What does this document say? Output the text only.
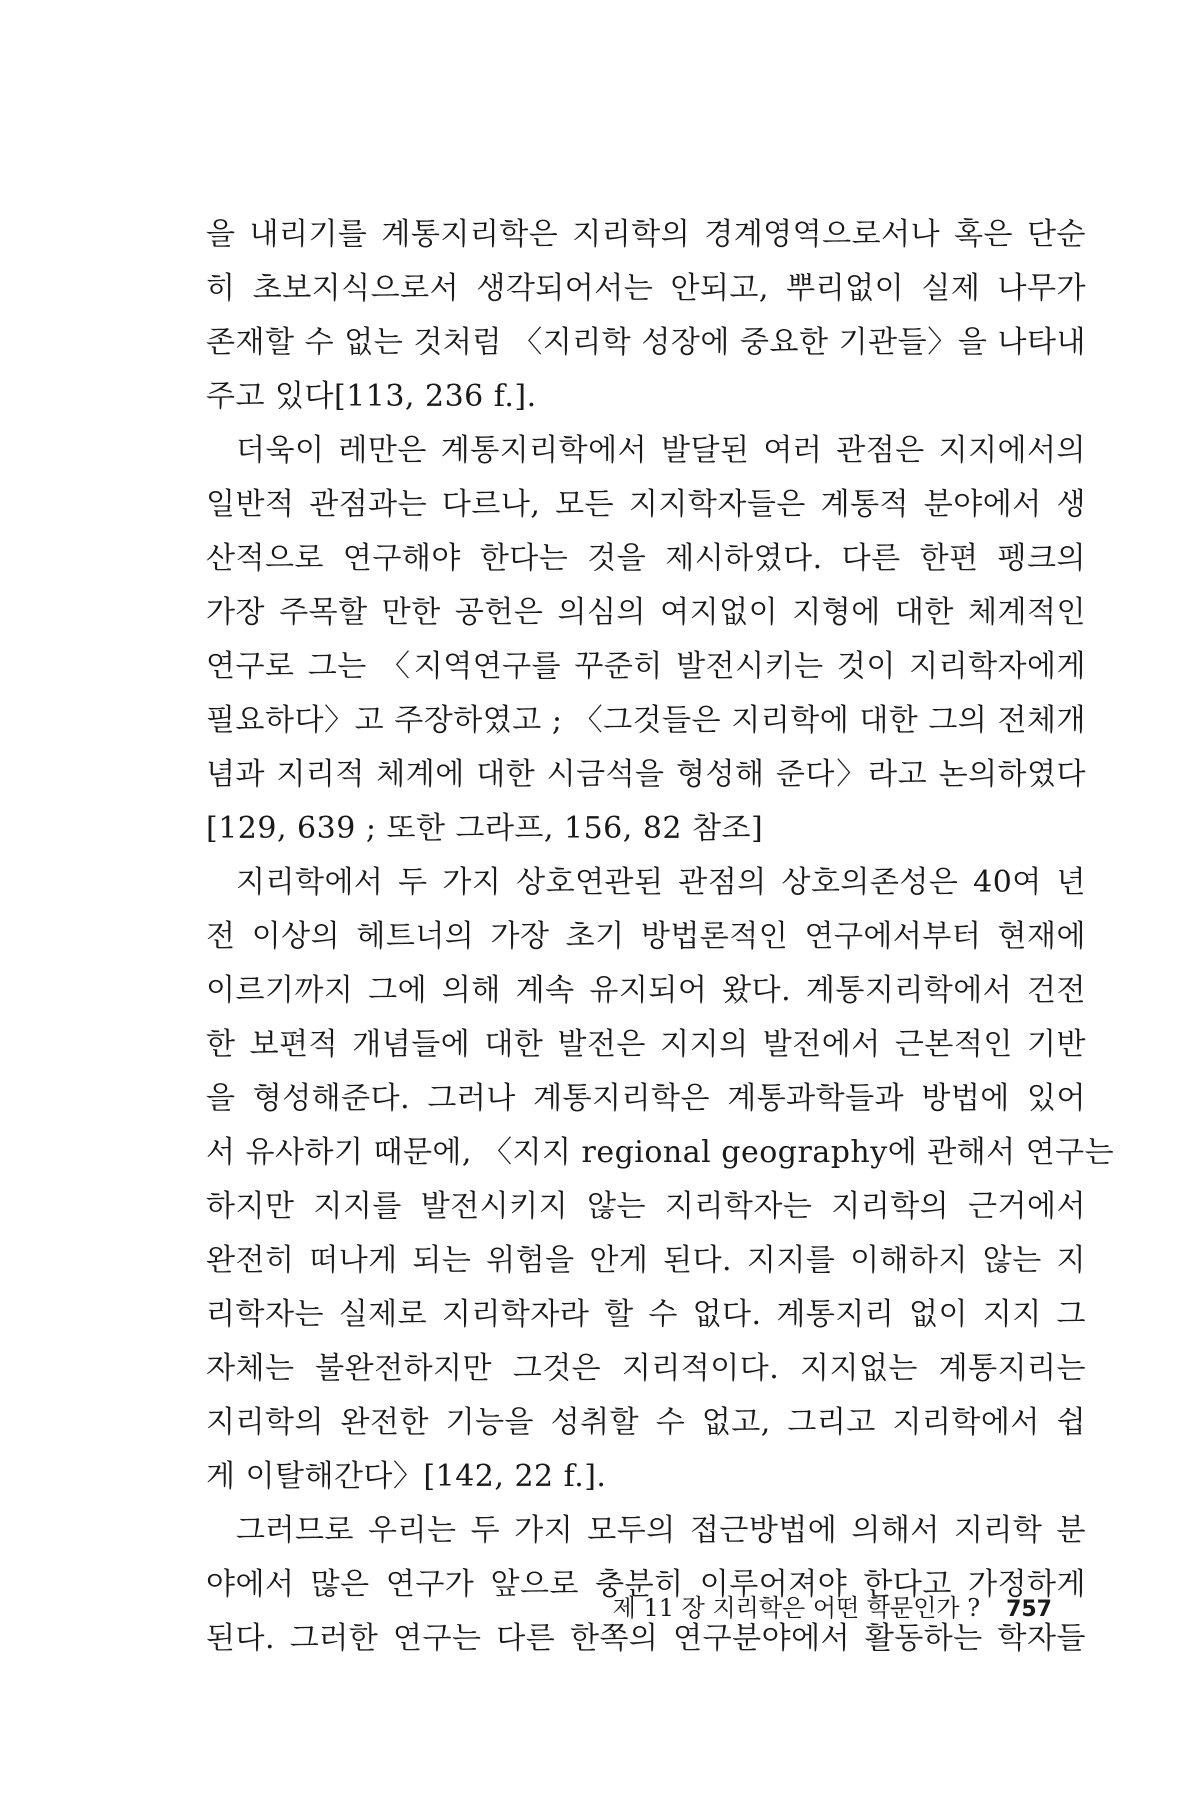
을 내리기를 계통지리학은 지리학의 경계영역으로서나 혹은 단순
히 초보지식으로서 생각되어서는 안되고, 뿌리없이 실제 나무가
존재할 수 없는 것처럼 〈지리학 성장에 중요한 기관들〉을 나타내
주고 있다[113, 236 f.].
더욱이 레만은 계통지리학에서 발달된 여러 관점은 지지에서의
일반적 관점과는 다르나, 모든 지지학자들은 계통적 분야에서 생
산적으로 연구해야 한다는 것을 제시하였다. 다른 한편 펭크의
가장 주목할 만한 공헌은 의심의 여지없이 지형에 대한 체계적인
연구로 그는 〈지역연구를 꾸준히 발전시키는 것이 지리학자에게
필요하다〉고 주장하였고 ; 〈그것들은 지리학에 대한 그의 전체개
념과 지리적 체계에 대한 시금석을 형성해 준다〉라고 논의하였다
[129, 639 ; 또한 그라프, 156, 82 참조]
지리학에서 두 가지 상호연관된 관점의 상호의존성은 40여 년
전 이상의 헤트너의 가장 초기 방법론적인 연구에서부터 현재에
이르기까지 그에 의해 계속 유지되어 왔다. 계통지리학에서 건전
한 보편적 개념들에 대한 발전은 지지의 발전에서 근본적인 기반
을 형성해준다. 그러나 계통지리학은 계통과학들과 방법에 있어
서 유사하기 때문에, 〈지지 regional geography에 관해서 연구는
하지만 지지를 발전시키지 않는 지리학자는 지리학의 근거에서
완전히 떠나게 되는 위험을 안게 된다. 지지를 이해하지 않는 지
리학자는 실제로 지리학자라 할 수 없다. 계통지리 없이 지지 그
자체는 불완전하지만 그것은 지리적이다. 지지없는 계통지리는
지리학의 완전한 기능을 성취할 수 없고, 그리고 지리학에서 쉽
게 이탈해간다〉[142, 22 f.].
그러므로 우리는 두 가지 모두의 접근방법에 의해서 지리학 분
야에서 많은 연구가 앞으로 충분히 이루어져야 한다고 가정하게
된다. 그러한 연구는 다른 한쪽의 연구분야에서 활동하는 학자들
제 11 장 지리학은 어떤 학문인가 ? 757
